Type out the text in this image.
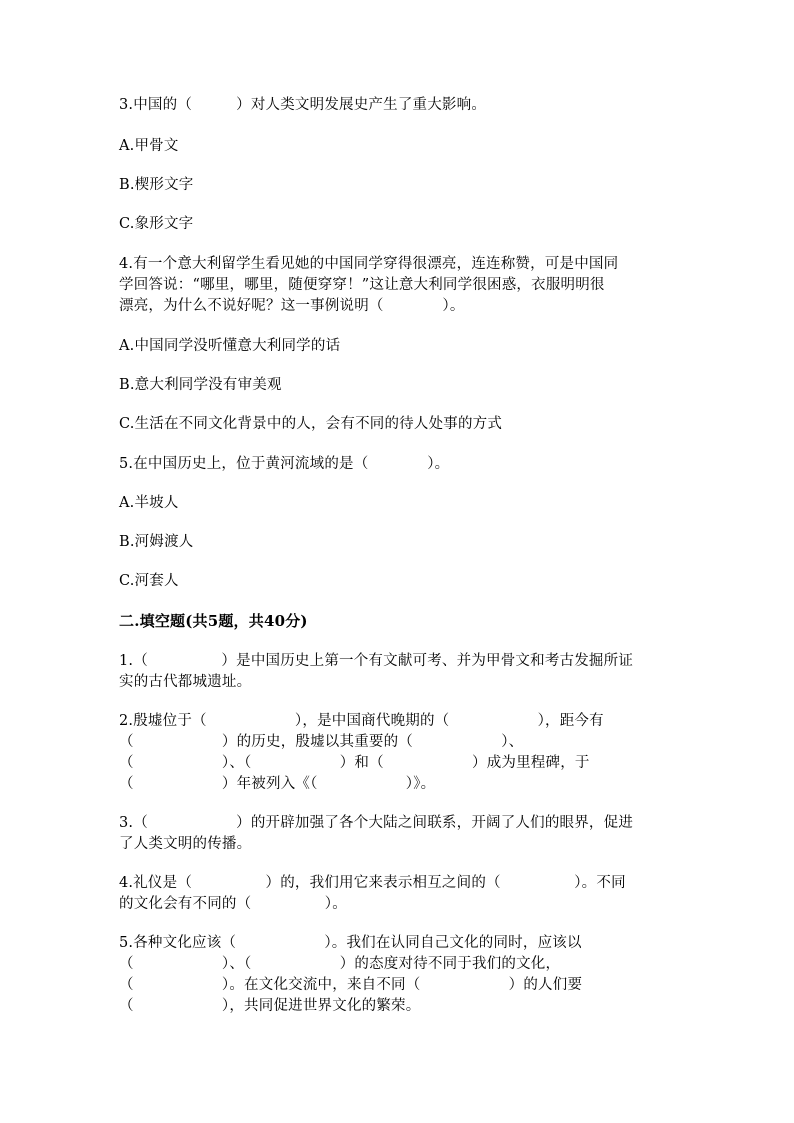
3.中国的（　　　）对人类文明发展史产生了重大影响。

A.甲骨文

B.楔形文字

C.象形文字

4.有一个意大利留学生看见她的中国同学穿得很漂亮，连连称赞，可是中国同

学回答说：“哪里，哪里，随便穿穿！”这让意大利同学很困惑，衣服明明很

漂亮，为什么不说好呢？这一事例说明（　　　　）。

A.中国同学没听懂意大利同学的话

B.意大利同学没有审美观

C.生活在不同文化背景中的人，会有不同的待人处事的方式

5.在中国历史上，位于黄河流域的是（　　　　）。

A.半坡人

B.河姆渡人

C.河套人

二.填空题(共5题，共40分)

1.（　　　　　）是中国历史上第一个有文献可考、并为甲骨文和考古发掘所证

实的古代都城遗址。

2.殷墟位于（　　　　　　），是中国商代晚期的（　　　　　　），距今有

（　　　　　　）的历史，殷墟以其重要的（　　　　　　）、

（　　　　　　）、（　　　　　　）和（　　　　　　）成为里程碑，于

（　　　　　　）年被列入《（　　　　　　）》。

3.（　　　　　　）的开辟加强了各个大陆之间联系，开阔了人们的眼界，促进

了人类文明的传播。

4.礼仪是（　　　　　）的，我们用它来表示相互之间的（　　　　　）。不同

的文化会有不同的（　　　　　）。

5.各种文化应该（　　　　　　）。我们在认同自己文化的同时，应该以

（　　　　　　）、（　　　　　　）的态度对待不同于我们的文化，

（　　　　　　）。在文化交流中，来自不同（　　　　　　）的人们要

（　　　　　　），共同促进世界文化的繁荣。
